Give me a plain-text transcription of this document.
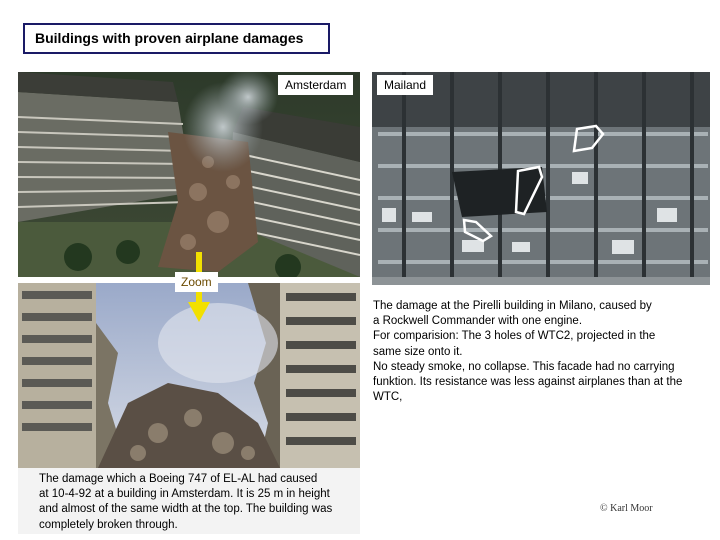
Buildings with proven airplane damages
Amsterdam	Mailand
Zoom

The damage at the Pirelli building in Milano, caused by

a Rockwell Commander with one engine.

For comparision: The 3 holes of WTC2, projected in the

same size onto it.

No steady smoke, no collapse. This facade had no carrying

funktion. Its resistance was less against airplanes than at the

WTC,

The damage which a Boeing 747 of EL-AL had caused

at 10-4-92 at a building in Amsterdam. It is 25 m in height

and almost of the same width at the top. The building was

completely broken through.

© Karl Moor
